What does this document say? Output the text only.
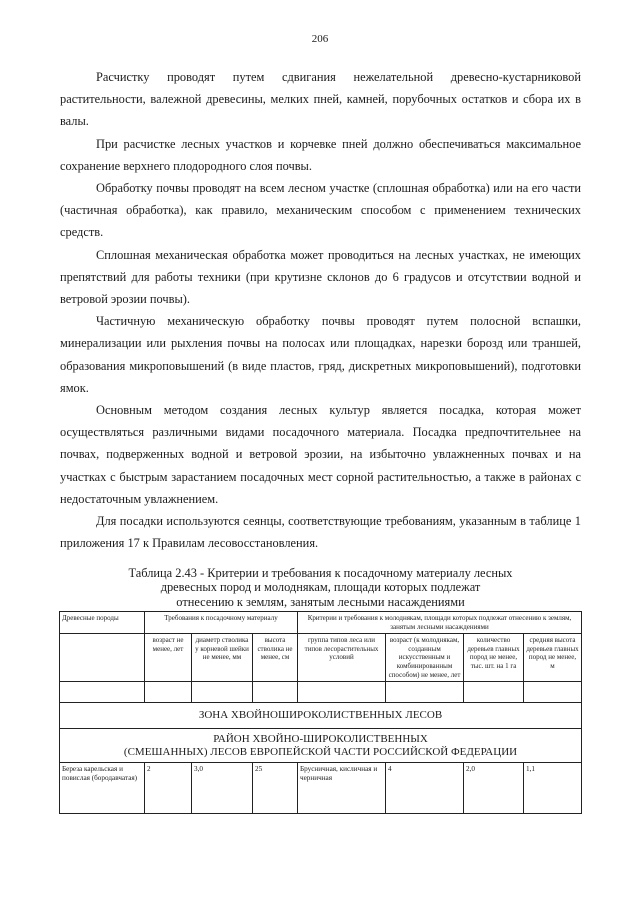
206

Расчистку проводят путем сдвигания нежелательной древесно-кустарниковой растительности, валежной древесины, мелких пней, камней, порубочных остатков и сбора их в валы.

При расчистке лесных участков и корчевке пней должно обеспечиваться максимальное сохранение верхнего плодородного слоя почвы.

Обработку почвы проводят на всем лесном участке (сплошная обработка) или на его части (частичная обработка), как правило, механическим способом с применением технических средств.

Сплошная механическая обработка может проводиться на лесных участках, не имеющих препятствий для работы техники (при крутизне склонов до 6 градусов и отсутствии водной и ветровой эрозии почвы).

Частичную механическую обработку почвы проводят путем полосной вспашки, минерализации или рыхления почвы на полосах или площадках, нарезки борозд или траншей, образования микроповышений (в виде пластов, гряд, дискретных микроповышений), подготовки ямок.

Основным методом создания лесных культур является посадка, которая может осуществляться различными видами посадочного материала. Посадка предпочтительнее на почвах, подверженных водной и ветровой эрозии, на избыточно увлажненных почвах и на участках с быстрым зарастанием посадочных мест сорной растительностью, а также в районах с недостаточным увлажнением.

Для посадки используются сеянцы, соответствующие требованиям, указанным в таблице 1 приложения 17 к Правилам лесовосстановления.

Таблица 2.43 - Критерии и требования к посадочному материалу лесных
древесных пород и молоднякам, площади которых подлежат
отнесению к землям, занятым лесными насаждениями
Древесные породы	Требования к посадочному материалу			Критерии и требования к молоднякам, площади которых подлежат отнесению к землям, занятым лесными насаждениями			
	возраст не менее, лет	диаметр стволика у корневой шейки не менее, мм	высота стволика не менее, см	группа типов леса или типов лесорастительных условий	возраст (к молоднякам, созданным искусственным и комбинированным способом) не менее, лет	количество деревьев главных пород не менее, тыс. шт. на 1 га	средняя высота деревьев главных пород не менее, м

ЗОНА ХВОЙНОШИРОКОЛИСТВЕННЫХ ЛЕСОВ							

РАЙОН ХВОЙНО-ШИРОКОЛИСТВЕННЫХ
(СМЕШАННЫХ) ЛЕСОВ ЕВРОПЕЙСКОЙ ЧАСТИ РОССИЙСКОЙ ФЕДЕРАЦИИ							

Береза карельская и повислая (бородавчатая)	2	3,0	25	Брусничная, кисличная и черничная	4	2,0	1,1
